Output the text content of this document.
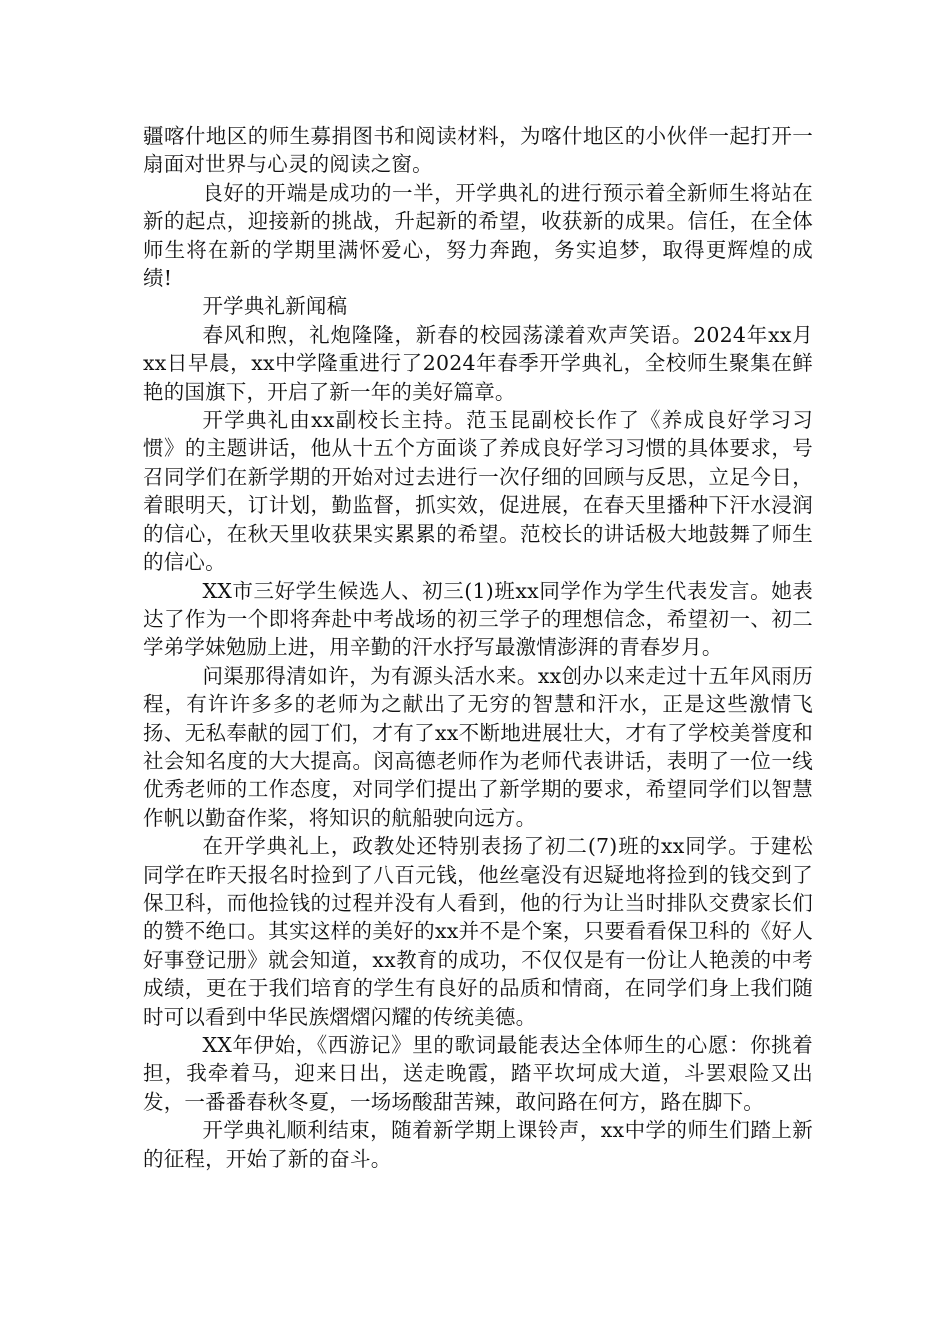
疆喀什地区的师生募捐图书和阅读材料，为喀什地区的小伙伴一起打开一扇面对世界与心灵的阅读之窗。

良好的开端是成功的一半，开学典礼的进行预示着全新师生将站在新的起点，迎接新的挑战，升起新的希望，收获新的成果。信任，在全体师生将在新的学期里满怀爱心，努力奔跑，务实追梦，取得更辉煌的成绩!

开学典礼新闻稿

春风和煦，礼炮隆隆，新春的校园荡漾着欢声笑语。2024年xx月xx日早晨，xx中学隆重进行了2024年春季开学典礼，全校师生聚集在鲜艳的国旗下，开启了新一年的美好篇章。

开学典礼由xx副校长主持。范玉昆副校长作了《养成良好学习习惯》的主题讲话，他从十五个方面谈了养成良好学习习惯的具体要求，号召同学们在新学期的开始对过去进行一次仔细的回顾与反思，立足今日，着眼明天，订计划，勤监督，抓实效，促进展，在春天里播种下汗水浸润的信心，在秋天里收获果实累累的希望。范校长的讲话极大地鼓舞了师生的信心。

XX市三好学生候选人、初三(1)班xx同学作为学生代表发言。她表达了作为一个即将奔赴中考战场的初三学子的理想信念，希望初一、初二学弟学妹勉励上进，用辛勤的汗水抒写最激情澎湃的青春岁月。

问渠那得清如许，为有源头活水来。xx创办以来走过十五年风雨历程，有许许多多的老师为之献出了无穷的智慧和汗水，正是这些激情飞扬、无私奉献的园丁们，才有了xx不断地进展壮大，才有了学校美誉度和社会知名度的大大提高。闵高德老师作为老师代表讲话，表明了一位一线优秀老师的工作态度，对同学们提出了新学期的要求，希望同学们以智慧作帆以勤奋作桨，将知识的航船驶向远方。

在开学典礼上，政教处还特别表扬了初二(7)班的xx同学。于建松同学在昨天报名时捡到了八百元钱，他丝毫没有迟疑地将捡到的钱交到了保卫科，而他捡钱的过程并没有人看到，他的行为让当时排队交费家长们的赞不绝口。其实这样的美好的xx并不是个案，只要看看保卫科的《好人好事登记册》就会知道，xx教育的成功，不仅仅是有一份让人艳羡的中考成绩，更在于我们培育的学生有良好的品质和情商，在同学们身上我们随时可以看到中华民族熠熠闪耀的传统美德。

XX年伊始，《西游记》里的歌词最能表达全体师生的心愿：你挑着担，我牵着马，迎来日出，送走晚霞，踏平坎坷成大道，斗罢艰险又出发，一番番春秋冬夏，一场场酸甜苦辣，敢问路在何方，路在脚下。

开学典礼顺利结束，随着新学期上课铃声，xx中学的师生们踏上新的征程，开始了新的奋斗。
